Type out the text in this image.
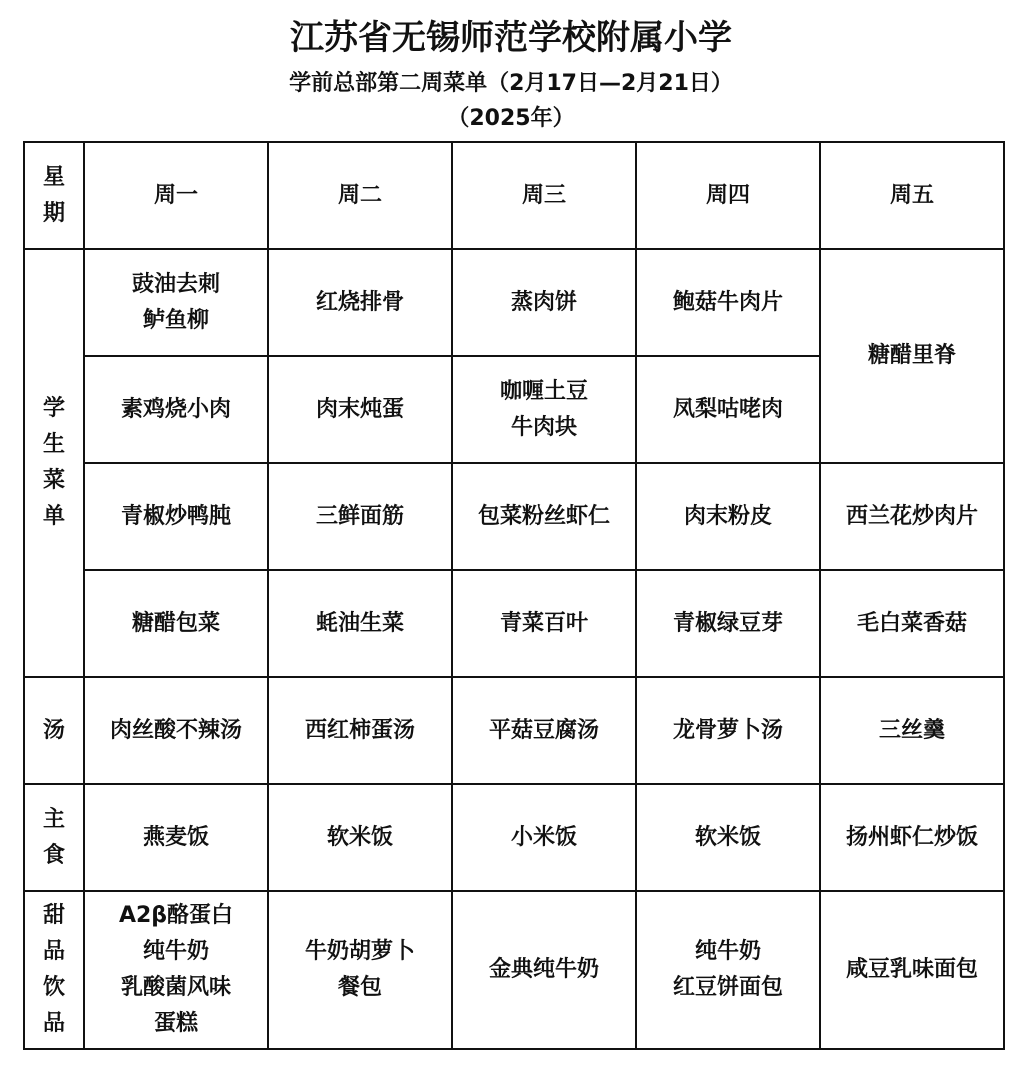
江苏省无锡师范学校附属小学
学前总部第二周菜单（2月17日—2月21日）
（2025年）
星
期	周一	周二	周三	周四	周五

学
生
菜
单	豉油去刺
鲈鱼柳	红烧排骨	蒸肉饼	鲍菇牛肉片	糖醋里脊

	素鸡烧小肉	肉末炖蛋	咖喱土豆
牛肉块	凤梨咕咾肉	

	青椒炒鸭肫	三鲜面筋	包菜粉丝虾仁	肉末粉皮	西兰花炒肉片
	糖醋包菜	蚝油生菜	青菜百叶	青椒绿豆芽	毛白菜香菇
汤	肉丝酸不辣汤	西红柿蛋汤	平菇豆腐汤	龙骨萝卜汤	三丝羹

主
食	燕麦饭	软米饭	小米饭	软米饭	扬州虾仁炒饭

甜
品
饮
品	A2β酪蛋白
纯牛奶
乳酸菌风味
蛋糕	牛奶胡萝卜
餐包	金典纯牛奶	纯牛奶
红豆饼面包	咸豆乳味面包
